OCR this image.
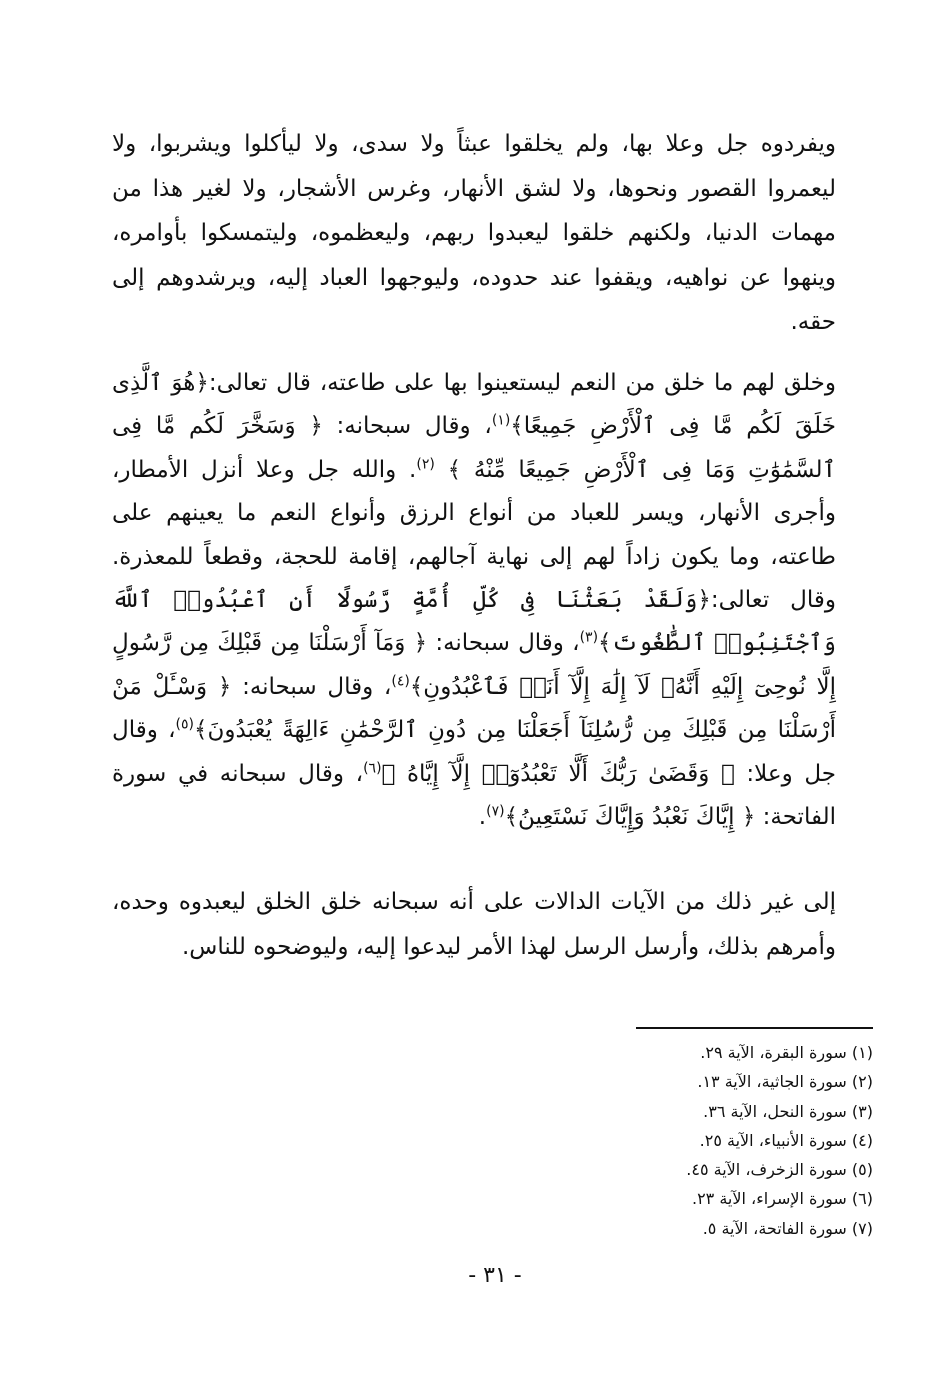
ويفردوه جل وعلا بها، ولم يخلقوا عبثاً ولا سدى، ولا ليأكلوا ويشربوا، ولا ليعمروا القصور ونحوها، ولا لشق الأنهار، وغرس الأشجار، ولا لغير هذا من مهمات الدنيا، ولكنهم خلقوا ليعبدوا ربهم، وليعظموه، وليتمسكوا بأوامره، وينهوا عن نواهيه، ويقفوا عند حدوده، وليوجهوا العباد إليه، ويرشدوهم إلى حقه.

وخلق لهم ما خلق من النعم ليستعينوا بها على طاعته، قال تعالى:﴿هُوَ ٱلَّذِى خَلَقَ لَكُم مَّا فِى ٱلْأَرْضِ جَمِيعًا﴾$^{(١)}$، وقال سبحانه: ﴿ وَسَخَّرَ لَكُم مَّا فِى ٱلسَّمَٰوَٰتِ وَمَا فِى ٱلْأَرْضِ جَمِيعًا مِّنْهُ ﴾ $^{(٢)}$. والله جل وعلا أنزل الأمطار، وأجرى الأنهار، ويسر للعباد من أنواع الرزق وأنواع النعم ما يعينهم على طاعته، وما يكون زاداً لهم إلى نهاية آجالهم، إقامة للحجة، وقطعاً للمعذرة. وقال تعالى:﴿وَلَقَدْ بَعَثْنَا فِى كُلِّ أُمَّةٍ رَّسُولًا أَنِ ٱعْبُدُوا۟ ٱللَّهَ وَٱجْتَنِبُوا۟ ٱلطَّٰغُوتَ﴾$^{(٣)}$، وقال سبحانه: ﴿ وَمَآ أَرْسَلْنَا مِن قَبْلِكَ مِن رَّسُولٍ إِلَّا نُوحِىٓ إِلَيْهِ أَنَّهُۥ لَآ إِلَٰهَ إِلَّآ أَنَا۠ فَٱعْبُدُونِ﴾$^{(٤)}$، وقال سبحانه: ﴿ وَسْـَٔلْ مَنْ أَرْسَلْنَا مِن قَبْلِكَ مِن رُّسُلِنَآ أَجَعَلْنَا مِن دُونِ ٱلرَّحْمَٰنِ ءَالِهَةً يُعْبَدُونَ﴾$^{(٥)}$، وقال جل وعلا: ﴿ وَقَضَىٰ رَبُّكَ أَلَّا تَعْبُدُوٓا۟ إِلَّآ إِيَّاهُ ﴾$^{(٦)}$، وقال سبحانه في سورة الفاتحة: ﴿ إِيَّاكَ نَعْبُدُ وَإِيَّاكَ نَسْتَعِينُ﴾$^{(٧)}$.

إلى غير ذلك من الآيات الدالات على أنه سبحانه خلق الخلق ليعبدوه وحده، وأمرهم بذلك، وأرسل الرسل لهذا الأمر ليدعوا إليه، وليوضحوه للناس.

(١) سورة البقرة، الآية ٢٩.
(٢) سورة الجاثية، الآية ١٣.
(٣) سورة النحل، الآية ٣٦.
(٤) سورة الأنبياء، الآية ٢٥.
(٥) سورة الزخرف، الآية ٤٥.
(٦) سورة الإسراء، الآية ٢٣.
(٧) سورة الفاتحة، الآية ٥.
- ٣١ -
